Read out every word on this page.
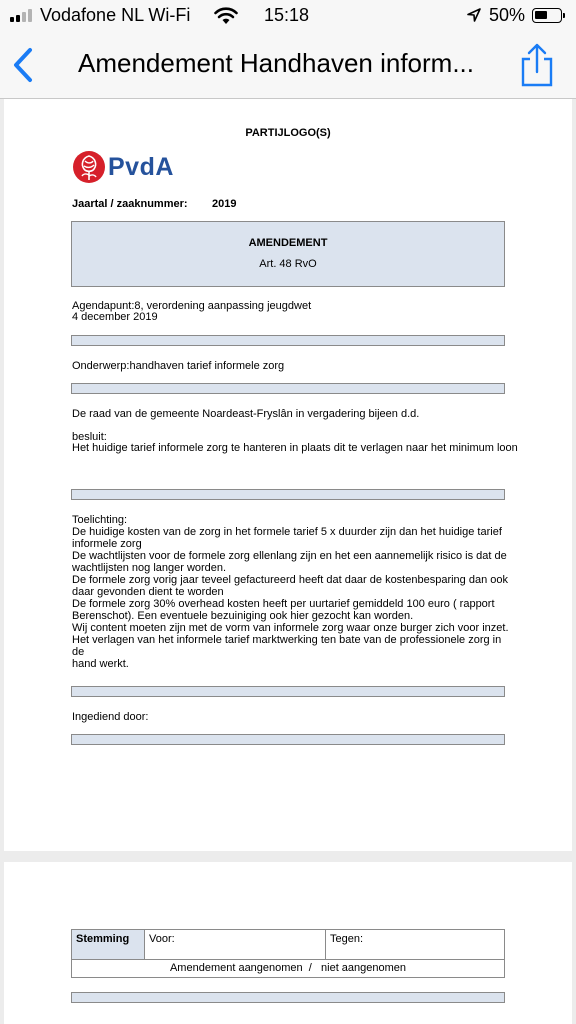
Vodafone NL Wi-Fi	15:18	50%
Amendement Handhaven inform...
PARTIJLOGO(S)
PvdA
Jaartal / zaaknummer: 2019
AMENDEMENT
Art. 48 RvO
Agendapunt:8, verordening aanpassing jeugdwet
4 december 2019
Onderwerp:handhaven tarief informele zorg
De raad van de gemeente Noardeast-Fryslân in vergadering bijeen d.d.
besluit:
Het huidige tarief informele zorg te hanteren in plaats dit te verlagen naar het minimum loon

Toelichting:

De huidige kosten van de zorg in het formele tarief 5 x duurder zijn dan het huidige tarief

informele zorg

De wachtlijsten voor de formele zorg ellenlang zijn en het een aannemelijk risico is dat de

wachtlijsten nog langer worden.

De formele zorg vorig jaar teveel gefactureerd heeft dat daar de kostenbesparing dan ook

daar gevonden dient te worden

De formele zorg 30% overhead kosten heeft per uurtarief gemiddeld 100 euro ( rapport

Berenschot). Een eventuele bezuiniging ook hier gezocht kan worden.

Wij content moeten zijn met de vorm van informele zorg waar onze burger zich voor inzet.

Het verlagen van het informele tarief marktwerking ten bate van de professionele zorg in de

hand werkt.

Ingediend door:
Stemming	Voor:	Tegen:
Amendement aangenomen  /   niet aangenomen
